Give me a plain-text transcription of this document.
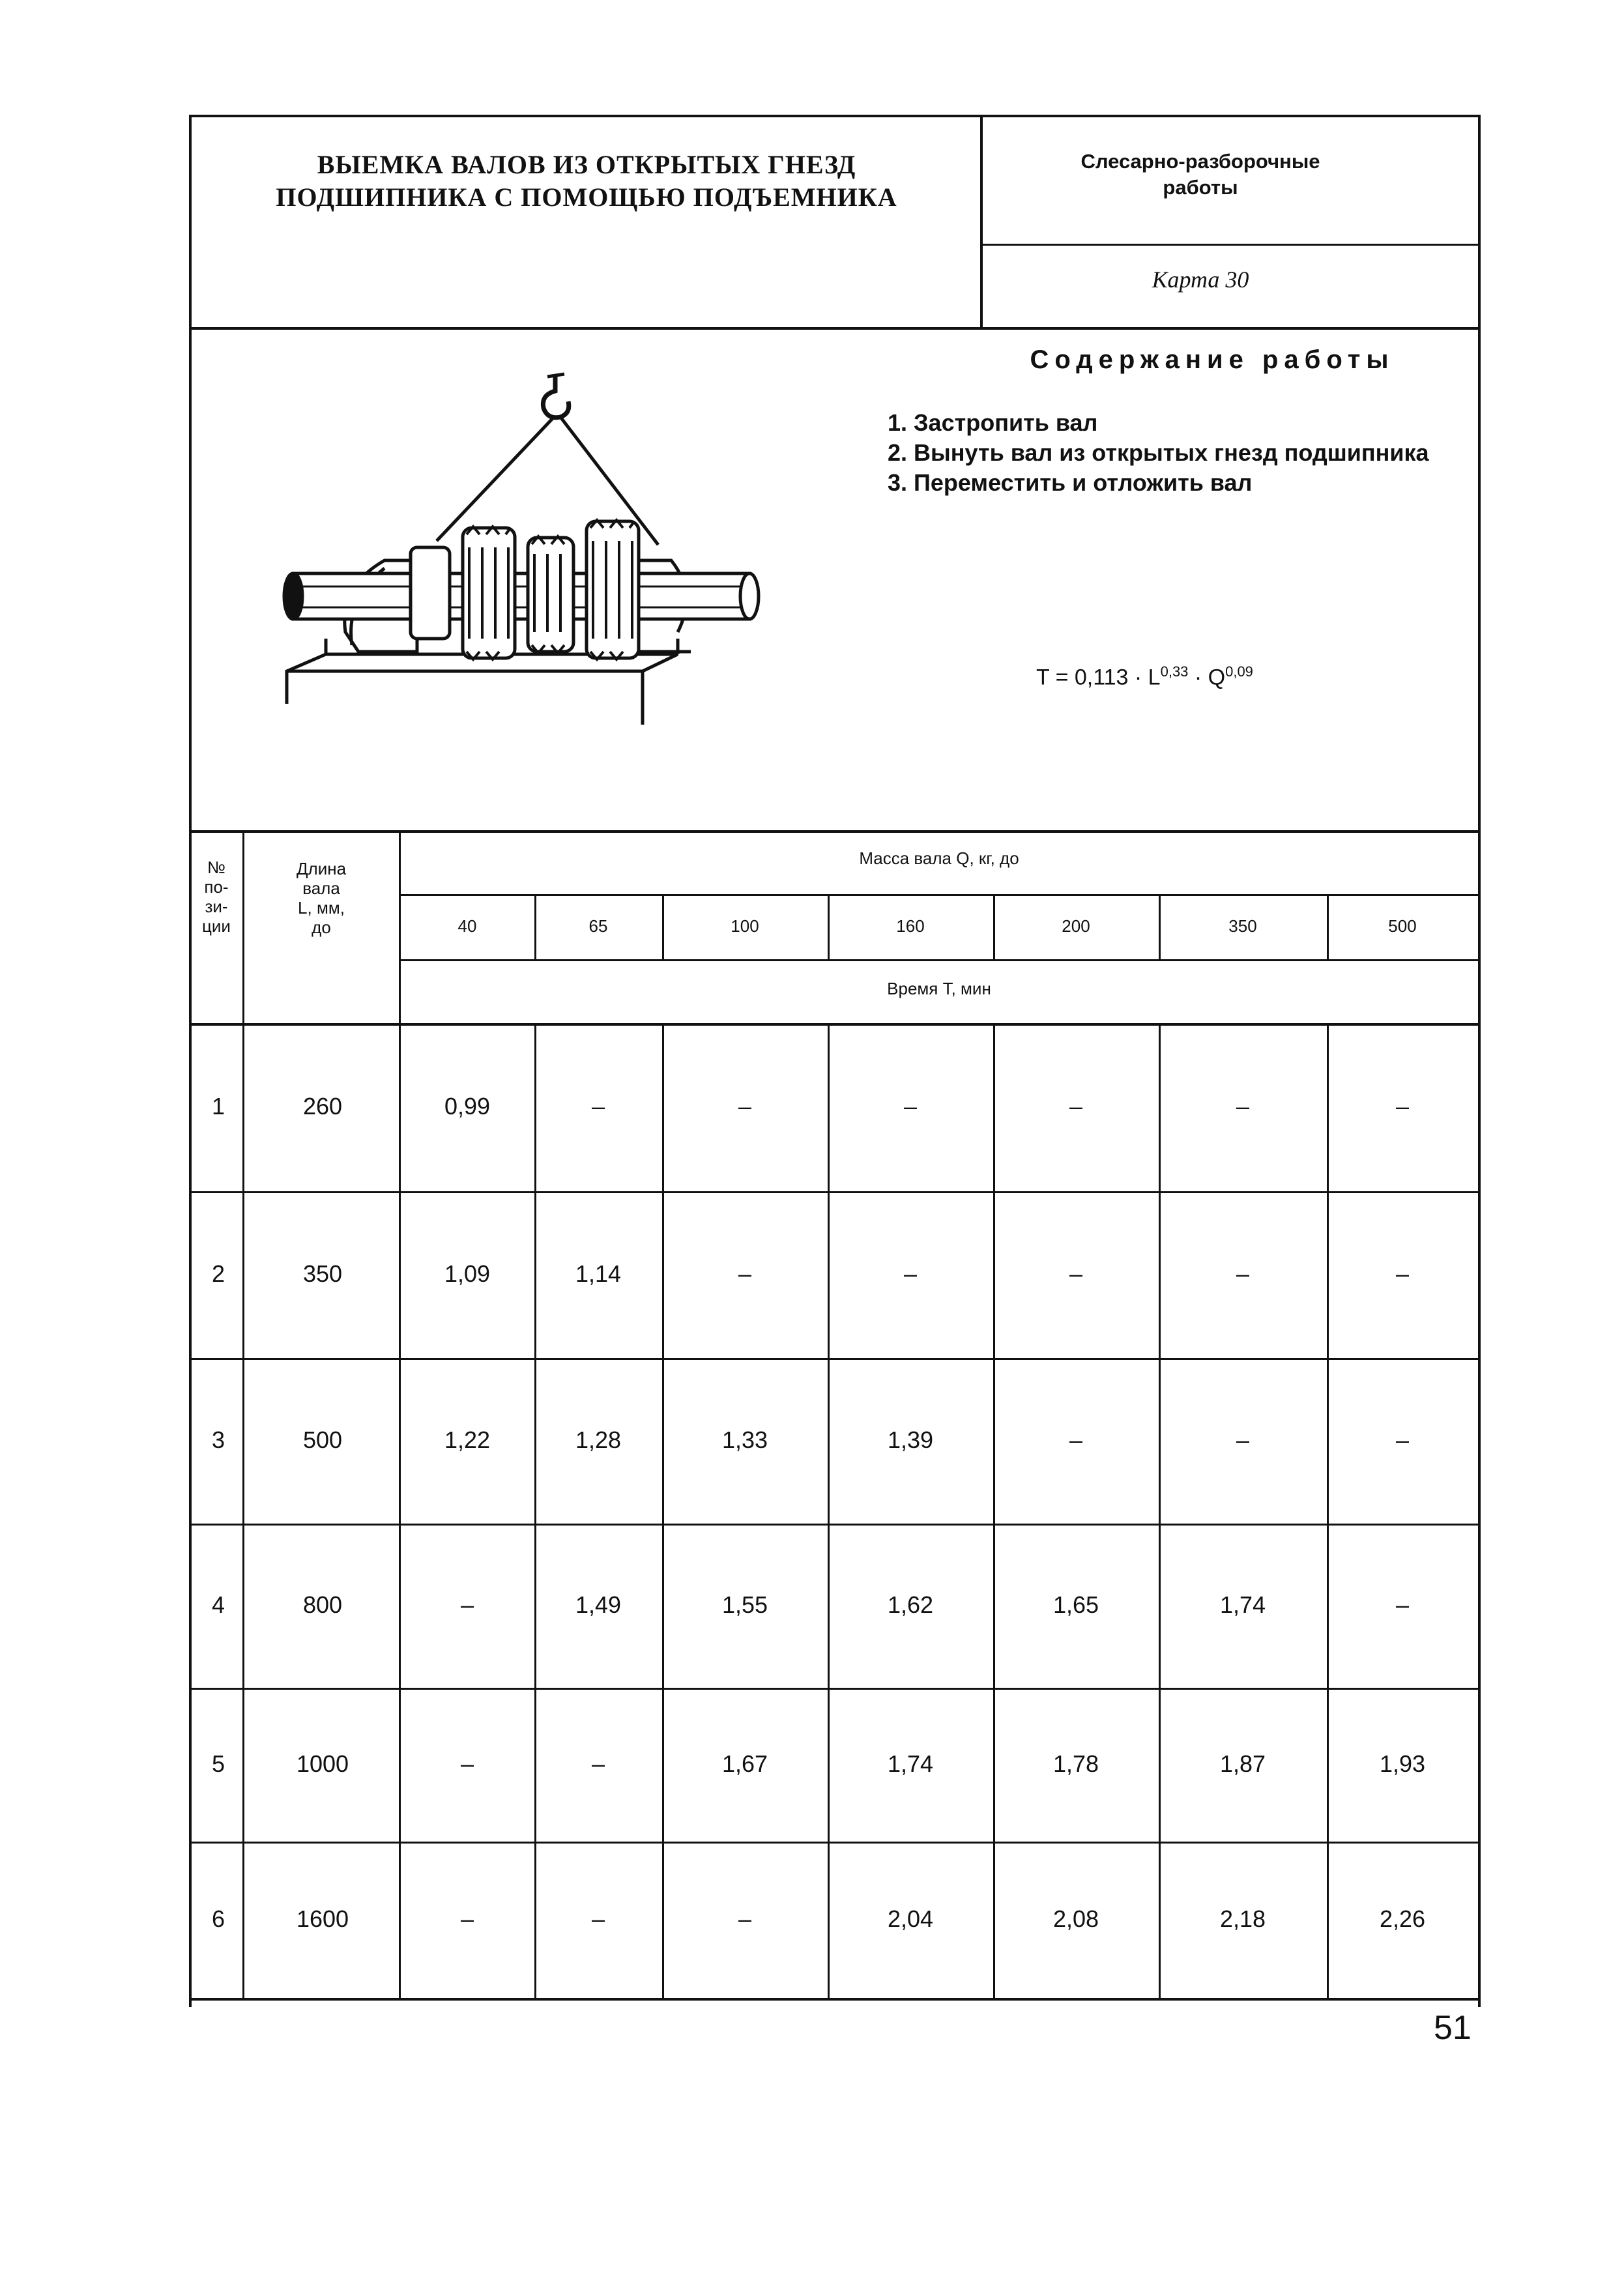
ВЫЕМКА ВАЛОВ ИЗ ОТКРЫТЫХ ГНЕЗД
ПОДШИПНИКА С ПОМОЩЬЮ ПОДЪЕМНИКА
Слесарно-разборочные
работы
Карта 30
Содержание работы
1. Застропить вал
2. Вынуть вал из открытых гнезд подшипника
3. Переместить и отложить вал
T = 0,113 · L$^{0,33}$ · Q$^{0,09}$
№
по-
зи-
ции
Длина
вала
L, мм,
до
Масса вала Q, кг, до
Время T, мин
40	65	100	160	200	350	500
1	260	0,99	–	–	–	–	–	–
2	350	1,09	1,14	–	–	–	–	–
3	500	1,22	1,28	1,33	1,39	–	–	–
4	800	–	1,49	1,55	1,62	1,65	1,74	–
5	1000	–	–	1,67	1,74	1,78	1,87	1,93
6	1600	–	–	–	2,04	2,08	2,18	2,26
51
